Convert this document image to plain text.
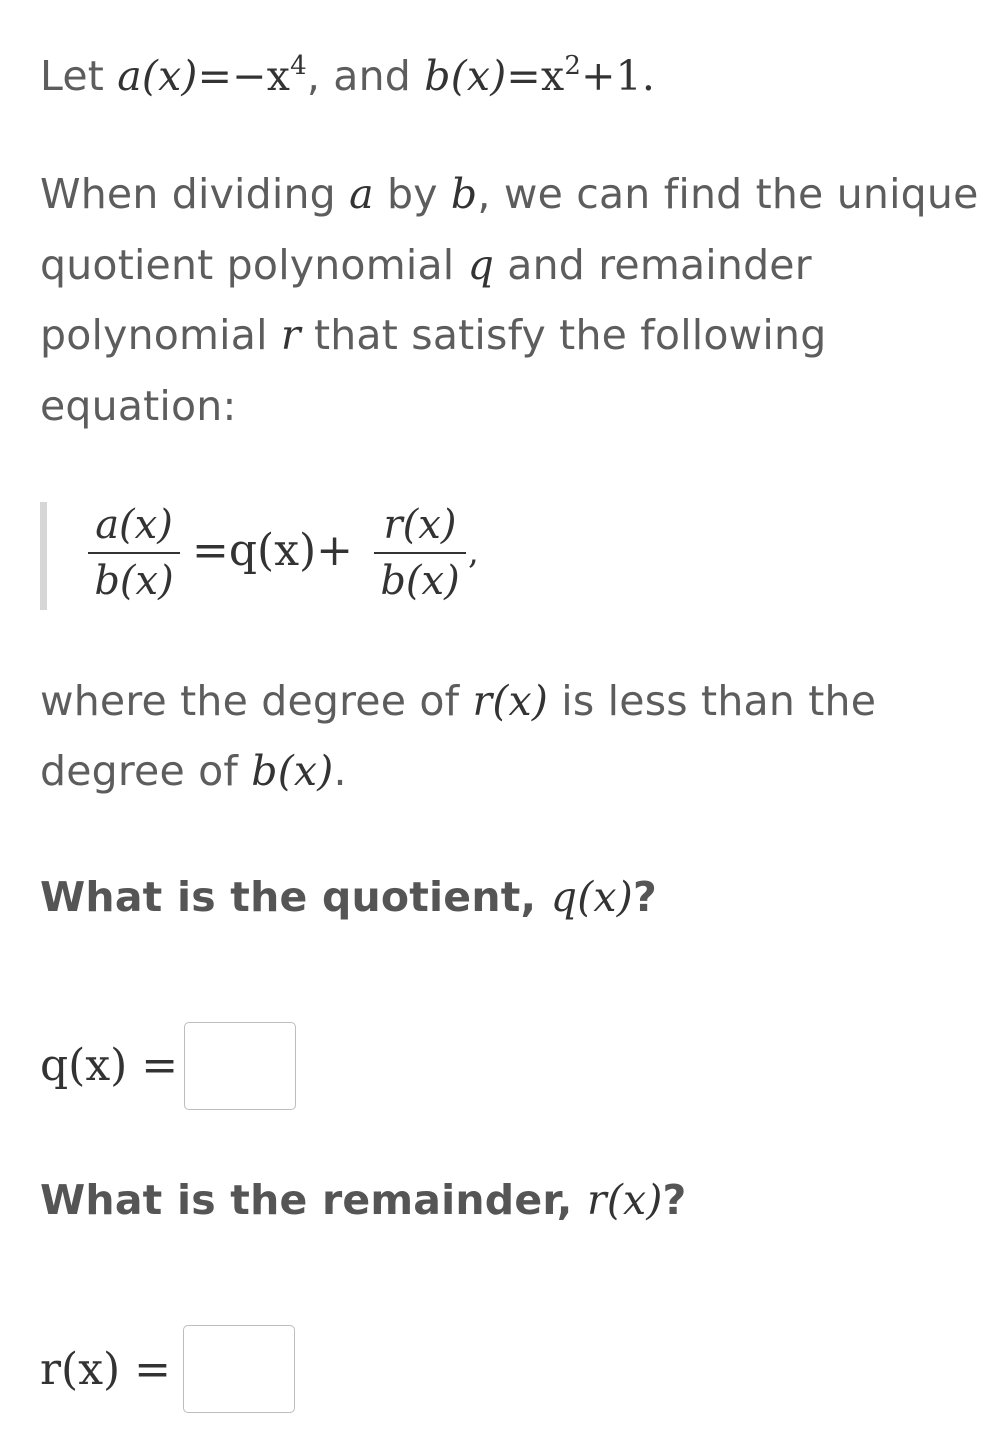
Let $a(x)=-x^4$, and $b(x)=x^2+1$.
When dividing a by b, we can find the unique
quotient polynomial q and remainder
polynomial r that satisfy the following
equation:
a(x)
b(x)
=q(x)+ r(x)
b(x)
,
where the degree of r(x) is less than the
degree of b(x).
What is the quotient, q(x)?
q(x) =
What is the remainder, r(x)?
r(x) =
